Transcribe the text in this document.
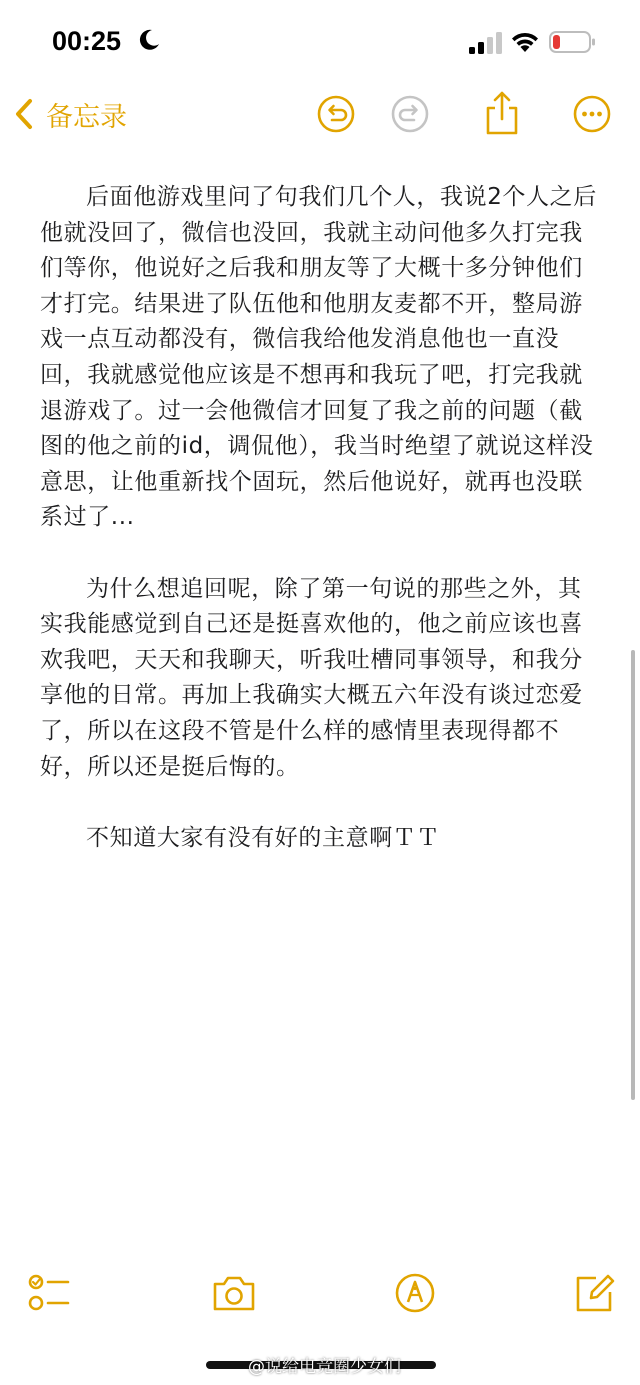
00:25
备忘录

后面他游戏里问了句我们几个人，我说2个人之后他就没回了，微信也没回，我就主动问他多久打完我们等你，他说好之后我和朋友等了大概十多分钟他们才打完。结果进了队伍他和他朋友麦都不开，整局游戏一点互动都没有，微信我给他发消息他也一直没回，我就感觉他应该是不想再和我玩了吧，打完我就退游戏了。过一会他微信才回复了我之前的问题（截图的他之前的id，调侃他），我当时绝望了就说这样没意思，让他重新找个固玩，然后他说好，就再也没联系过了...

为什么想追回呢，除了第一句说的那些之外，其实我能感觉到自己还是挺喜欢他的，他之前应该也喜欢我吧，天天和我聊天，听我吐槽同事领导，和我分享他的日常。再加上我确实大概五六年没有谈过恋爱了，所以在这段不管是什么样的感情里表现得都不好，所以还是挺后悔的。

不知道大家有没有好的主意啊ＴＴ

@说给电竞圈少女们
